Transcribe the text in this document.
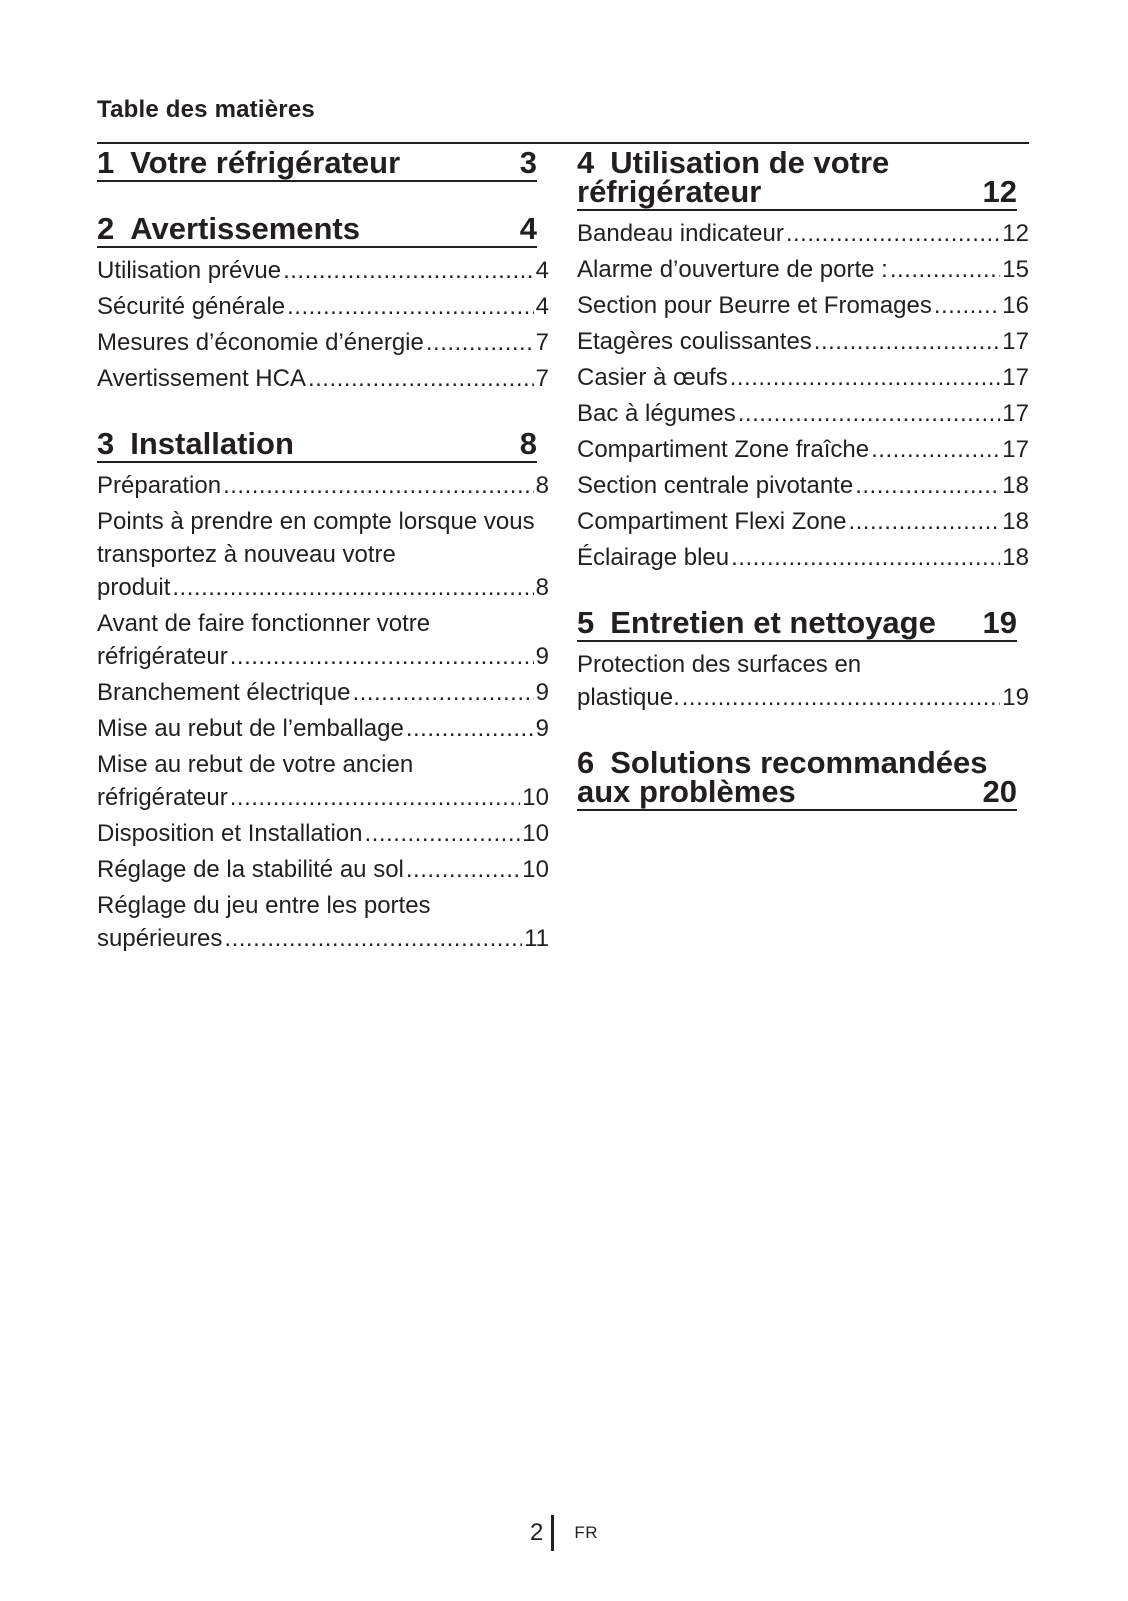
Table des matières
1 Votre réfrigérateur	3
2 Avertissements	4
Utilisation prévue .....	4
Sécurité générale .....	4
Mesures d’économie d’énergie .....	7
Avertissement HCA .....	7
3 Installation	8
Préparation .....	8
Points à prendre en compte lorsque vous transportez à nouveau votre
produit .....	8
Avant de faire fonctionner votre
réfrigérateur .....	9
Branchement électrique .....	9
Mise au rebut de l’emballage .....	9
Mise au rebut de votre ancien
réfrigérateur .....	10
Disposition et Installation .....	10
Réglage de la stabilité au sol .....	10
Réglage du jeu entre les portes
supérieures .....	11
4 Utilisation de votre
réfrigérateur	12
Bandeau indicateur .....	12
Alarme d’ouverture de porte : .....	15
Section pour Beurre et Fromages .....	16
Etagères coulissantes .....	17
Casier à œufs .....	17
Bac à légumes .....	17
Compartiment Zone fraîche .....	17
Section centrale pivotante .....	18
Compartiment Flexi Zone .....	18
Éclairage bleu .....	18
5 Entretien et nettoyage	19
Protection des surfaces en
plastique. .....	19
6 Solutions recommandées
aux problèmes	20
2	FR
